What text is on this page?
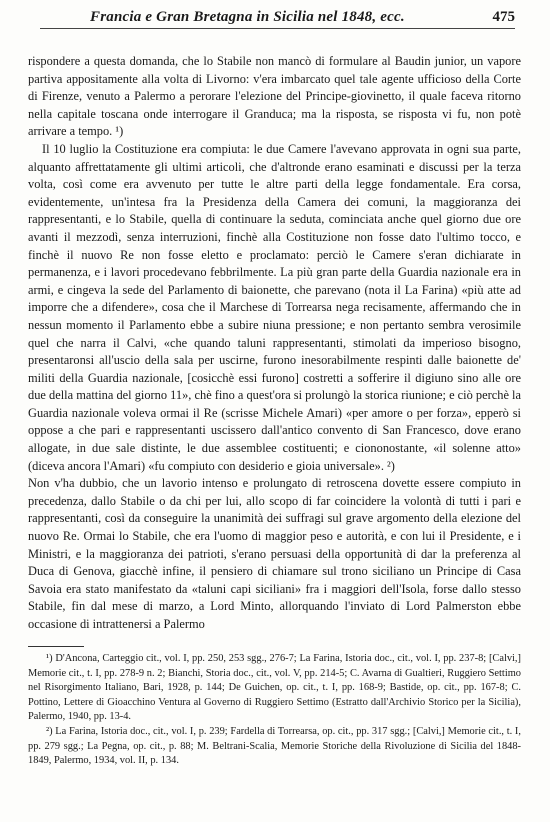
Francia e Gran Bretagna in Sicilia nel 1848, ecc.	475

rispondere a questa domanda, che lo Stabile non mancò di formulare al Baudin junior, un vapore partiva appositamente alla volta di Livorno: v'era imbarcato quel tale agente ufficioso della Corte di Firenze, venuto a Palermo a perorare l'elezione del Principe-giovinetto, il quale faceva ritorno nella capitale toscana onde interrogare il Granduca; ma la risposta, se risposta vi fu, non potè arrivare a tempo. ¹)

Il 10 luglio la Costituzione era compiuta: le due Camere l'avevano approvata in ogni sua parte, alquanto affrettatamente gli ultimi articoli, che d'altronde erano esaminati e discussi per la terza volta, così come era avvenuto per tutte le altre parti della legge fondamentale. Era corsa, evidentemente, un'intesa fra la Presidenza della Camera dei comuni, la maggioranza dei rappresentanti, e lo Stabile, quella di continuare la seduta, cominciata anche quel giorno due ore avanti il mezzodì, senza interruzioni, finchè alla Costituzione non fosse dato l'ultimo tocco, e finchè il nuovo Re non fosse eletto e proclamato: perciò le Camere s'eran dichiarate in permanenza, e i lavori procedevano febbrilmente. La più gran parte della Guardia nazionale era in armi, e cingeva la sede del Parlamento di baionette, che parevano (nota il La Farina) «più atte ad imporre che a difendere», cosa che il Marchese di Torrearsa nega recisamente, affermando che in nessun momento il Parlamento ebbe a subire niuna pressione; e non pertanto sembra verosimile quel che narra il Calvi, «che quando taluni rappresentanti, stimolati da imperioso bisogno, presentaronsi all'uscio della sala per uscirne, furono inesorabilmente respinti dalle baionette de' militi della Guardia nazionale, [cosicchè essi furono] costretti a sofferire il digiuno sino alle ore due della mattina del giorno 11», chè fino a quest'ora si prolungò la storica riunione; e ciò perchè la Guardia nazionale voleva ormai il Re (scrisse Michele Amari) «per amore o per forza», epperò si oppose a che pari e rappresentanti uscissero dall'antico convento di San Francesco, dove erano allogate, in due sale distinte, le due assemblee costituenti; e ciononostante, «il solenne atto» (diceva ancora l'Amari) «fu compiuto con desiderio e gioia universale». ²)

Non v'ha dubbio, che un lavorio intenso e prolungato di retroscena dovette essere compiuto in precedenza, dallo Stabile o da chi per lui, allo scopo di far coincidere la volontà di tutti i pari e rappresentanti, così da conseguire la unanimità dei suffragi sul grave argomento della elezione del nuovo Re. Ormai lo Stabile, che era l'uomo di maggior peso e autorità, e con lui il Presidente, e i Ministri, e la maggioranza dei patrioti, s'erano persuasi della opportunità di dar la preferenza al Duca di Genova, giacchè infine, il pensiero di chiamare sul trono siciliano un Principe di Casa Savoia era stato manifestato da «taluni capi siciliani» fra i maggiori dell'Isola, forse dallo stesso Stabile, fin dal mese di marzo, a Lord Minto, allorquando l'inviato di Lord Palmerston ebbe occasione di intrattenersi a Palermo

¹) D'Ancona, Carteggio cit., vol. I, pp. 250, 253 sgg., 276-7; La Farina, Istoria doc., cit., vol. I, pp. 237-8; [Calvi,] Memorie cit., t. I, pp. 278-9 n. 2; Bianchi, Storia doc., cit., vol. V, pp. 214-5; C. Avarna di Gualtieri, Ruggiero Settimo nel Risorgimento Italiano, Bari, 1928, p. 144; De Guichen, op. cit., t. I, pp. 168-9; Bastide, op. cit., pp. 167-8; C. Pottino, Lettere di Gioacchino Ventura al Governo di Ruggiero Settimo (Estratto dall'Archivio Storico per la Sicilia), Palermo, 1940, pp. 13-4.

²) La Farina, Istoria doc., cit., vol. I, p. 239; Fardella di Torrearsa, op. cit., pp. 317 sgg.; [Calvi,] Memorie cit., t. I, pp. 279 sgg.; La Pegna, op. cit., p. 88; M. Beltrani-Scalia, Memorie Storiche della Rivoluzione di Sicilia del 1848-1849, Palermo, 1934, vol. II, p. 134.
